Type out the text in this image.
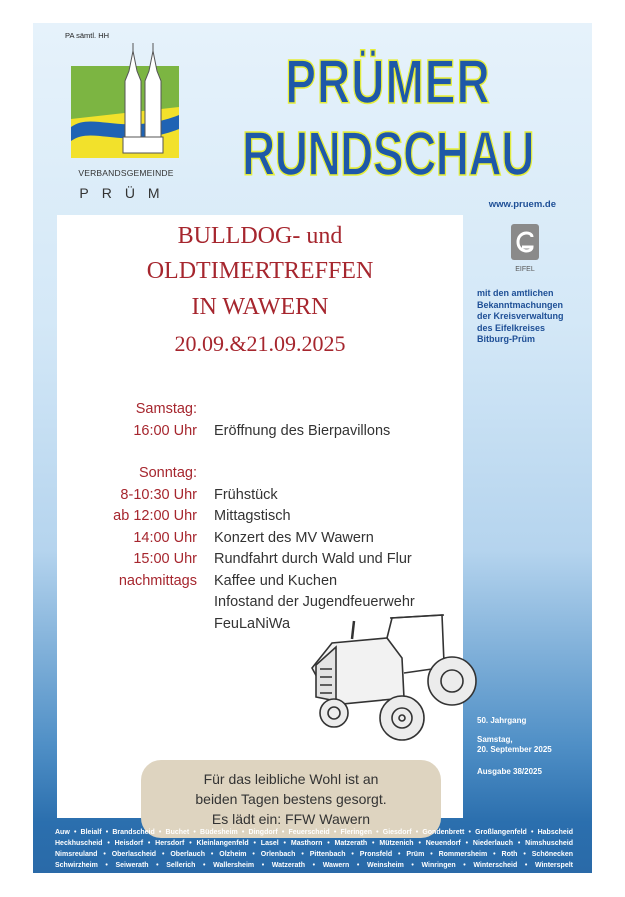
PA sämtl. HH
VERBANDSGEMEINDE
PRÜM
PRÜMER
RUNDSCHAU
www.pruem.de
EIFEL
mit den amtlichen
Bekanntmachungen
der Kreisverwaltung
des Eifelkreises
Bitburg-Prüm
BULLDOG- und
OLDTIMERTREFFEN
IN WAWERN
20.09.&21.09.2025
Samstag:
16:00 Uhr
Sonntag:
8-10:30 Uhr
ab 12:00 Uhr
14:00 Uhr
15:00 Uhr
nachmittags
Eröffnung des Bierpavillons
Frühstück
Mittagstisch
Konzert des MV Wawern
Rundfahrt durch Wald und Flur
Kaffee und Kuchen
Infostand der Jugendfeuerwehr
FeuLaNiWa
Für das leibliche Wohl ist an
beiden Tagen bestens gesorgt.
Es lädt ein: FFW Wawern
50. Jahrgang
Samstag,
20. September 2025
Ausgabe 38/2025
Auw • Bleialf • Brandscheid • Buchet • Büdesheim • Dingdorf • Feuerscheid • Fleringen • Giesdorf • Gondenbrett • Großlangenfeld • Habscheid
Heckhuscheid • Heisdorf • Hersdorf • Kleinlangenfeld • Lasel • Masthorn • Matzerath • Mützenich • Neuendorf • Niederlauch • Nimshuscheid
Nimsreuland • Oberlascheid • Oberlauch • Olzheim • Orlenbach • Pittenbach • Pronsfeld • Prüm • Rommersheim • Roth • Schönecken
Schwirzheim • Seiwerath • Sellerich • Wallersheim • Watzerath • Wawern • Weinsheim • Winringen • Winterscheid • Winterspelt
